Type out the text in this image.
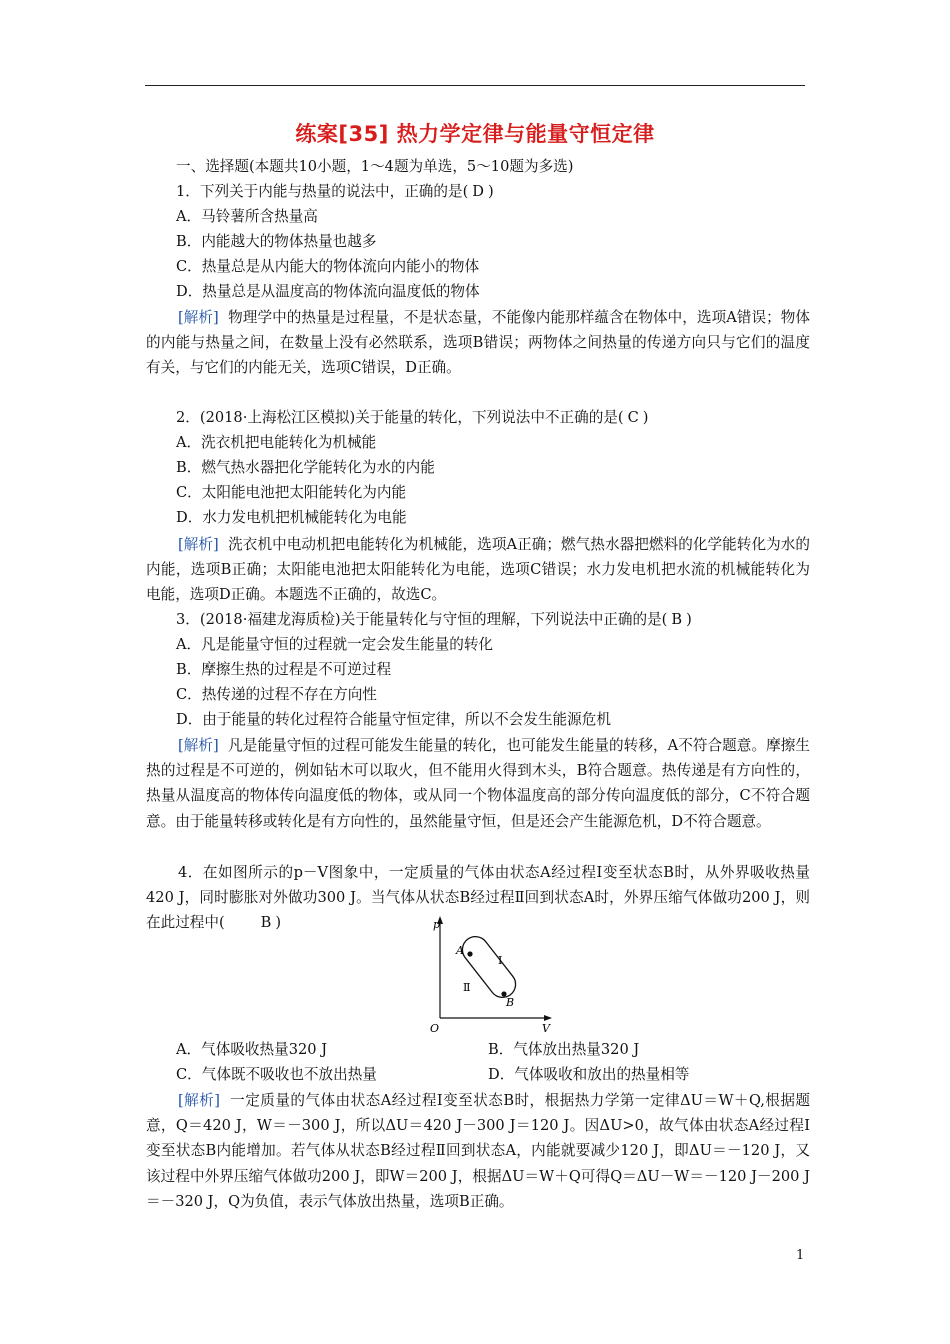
练案[35] 热力学定律与能量守恒定律
一、选择题(本题共10小题，1～4题为单选，5～10题为多选)
1．下列关于内能与热量的说法中，正确的是( D )
A．马铃薯所含热量高
B．内能越大的物体热量也越多
C．热量总是从内能大的物体流向内能小的物体
D．热量总是从温度高的物体流向温度低的物体
[解析] 物理学中的热量是过程量，不是状态量，不能像内能那样蕴含在物体中，选项A错误；物体的内能与热量之间，在数量上没有必然联系，选项B错误；两物体之间热量的传递方向只与它们的温度有关，与它们的内能无关，选项C错误，D正确。
2．(2018·上海松江区模拟)关于能量的转化，下列说法中不正确的是( C )
A．洗衣机把电能转化为机械能
B．燃气热水器把化学能转化为水的内能
C．太阳能电池把太阳能转化为内能
D．水力发电机把机械能转化为电能
[解析] 洗衣机中电动机把电能转化为机械能，选项A正确；燃气热水器把燃料的化学能转化为水的内能，选项B正确；太阳能电池把太阳能转化为电能，选项C错误；水力发电机把水流的机械能转化为电能，选项D正确。本题选不正确的，故选C。
3．(2018·福建龙海质检)关于能量转化与守恒的理解，下列说法中正确的是( B )
A．凡是能量守恒的过程就一定会发生能量的转化
B．摩擦生热的过程是不可逆过程
C．热传递的过程不存在方向性
D．由于能量的转化过程符合能量守恒定律，所以不会发生能源危机
[解析] 凡是能量守恒的过程可能发生能量的转化，也可能发生能量的转移，A不符合题意。摩擦生热的过程是不可逆的，例如钻木可以取火，但不能用火得到木头，B符合题意。热传递是有方向性的，热量从温度高的物体传向温度低的物体，或从同一个物体温度高的部分传向温度低的部分，C不符合题意。由于能量转移或转化是有方向性的，虽然能量守恒，但是还会产生能源危机，D不符合题意。
4．在如图所示的p－V图象中，一定质量的气体由状态A经过程Ⅰ变至状态B时，从外界吸收热量420 J，同时膨胀对外做功300 J。当气体从状态B经过程Ⅱ回到状态A时，外界压缩气体做功200 J，则在此过程中( B )	p
V
O
A
B
Ⅰ
Ⅱ
A．气体吸收热量320 J	B．气体放出热量320 J
C．气体既不吸收也不放出热量	D．气体吸收和放出的热量相等
[解析] 一定质量的气体由状态A经过程Ⅰ变至状态B时，根据热力学第一定律ΔU＝W＋Q,根据题意，Q＝420 J，W＝－300 J，所以ΔU＝420 J－300 J＝120 J。因ΔU>0，故气体由状态A经过程Ⅰ变至状态B内能增加。若气体从状态B经过程Ⅱ回到状态A，内能就要减少120 J，即ΔU＝－120 J，又该过程中外界压缩气体做功200 J，即W＝200 J，根据ΔU＝W＋Q可得Q＝ΔU－W＝－120 J－200 J＝－320 J，Q为负值，表示气体放出热量，选项B正确。
1
